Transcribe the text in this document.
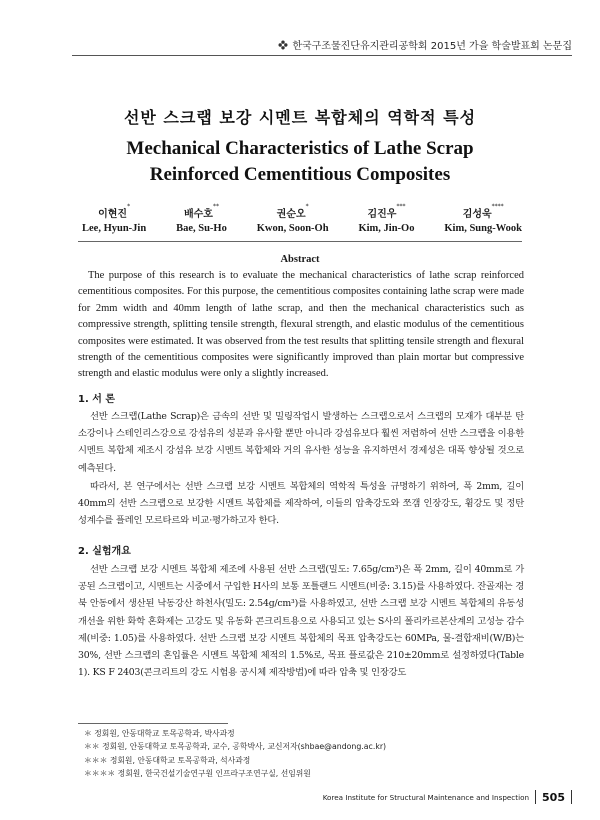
한국구조물진단유지관리공학회 2015년 가을 학술발표회 논문집
선반 스크랩 보강 시멘트 복합체의 역학적 특성
Mechanical Characteristics of Lathe Scrap Reinforced Cementitious Composites
이현진*
Lee, Hyun-Jin
배수호**
Bae, Su-Ho
권순오*
Kwon, Soon-Oh
김진우***
Kim, Jin-Oo
김성욱****
Kim, Sung-Wook
Abstract

The purpose of this research is to evaluate the mechanical characteristics of lathe scrap reinforced cementitious composites. For this purpose, the cementitious composites containing lathe scrap were made for 2mm width and 40mm length of lathe scrap, and then the mechanical characteristics such as compressive strength, splitting tensile strength, flexural strength, and elastic modulus of the cementitious composites were estimated. It was observed from the test results that splitting tensile strength and flexural strength of the cementitious composites were significantly improved than plain mortar but compressive strength and elastic modulus were only a slightly increased.

1. 서 론

선반 스크랩(Lathe Scrap)은 금속의 선반 및 밀링작업시 발생하는 스크랩으로서 스크랩의 모재가 대부분 탄소강이나 스테인리스강으로 강섬유의 성분과 유사할 뿐만 아니라 강섬유보다 훨씬 저렴하여 선반 스크랩을 이용한 시멘트 복합체 제조시 강섬유 보강 시멘트 복합체와 거의 유사한 성능을 유지하면서 경제성은 대폭 향상될 것으로 예측된다.

따라서, 본 연구에서는 선반 스크랩 보강 시멘트 복합체의 역학적 특성을 규명하기 위하여, 폭 2mm, 길이 40mm의 선반 스크랩으로 보강한 시멘트 복합체를 제작하여, 이들의 압축강도와 쪼갬 인장강도, 휨강도 및 정탄성계수를 플레인 모르타르와 비교·평가하고자 한다.

2. 실험개요

선반 스크랩 보강 시멘트 복합체 제조에 사용된 선반 스크랩(밀도: 7.65g/cm³)은 폭 2mm, 길이 40mm로 가공된 스크랩이고, 시멘트는 시중에서 구입한 H사의 보통 포틀랜드 시멘트(비중: 3.15)를 사용하였다. 잔골재는 경북 안동에서 생산된 낙동강산 하천사(밀도: 2.54g/cm³)를 사용하였고, 선반 스크랩 보강 시멘트 복합체의 유동성 개선을 위한 화학 혼화제는 고강도 및 유동화 콘크리트용으로 사용되고 있는 S사의 폴리카르본산계의 고성능 감수제(비중: 1.05)를 사용하였다. 선반 스크랩 보강 시멘트 복합체의 목표 압축강도는 60MPa, 물-결합재비(W/B)는 30%, 선반 스크랩의 혼입률은 시멘트 복합체 체적의 1.5%로, 목표 플로값은 210±20mm로 설정하였다(Table 1). KS F 2403(콘크리트의 강도 시험용 공시체 제작방법)에 따라 압축 및 인장강도

＊ 정회원, 안동대학교 토목공학과, 박사과정
＊＊ 정회원, 안동대학교 토목공학과, 교수, 공학박사, 교신저자(shbae@andong.ac.kr)
＊＊＊ 정회원, 안동대학교 토목공학과, 석사과정
＊＊＊＊ 정회원, 한국건설기술연구원 인프라구조연구실, 선임위원
Korea Institute for Structural Maintenance and Inspection 505
